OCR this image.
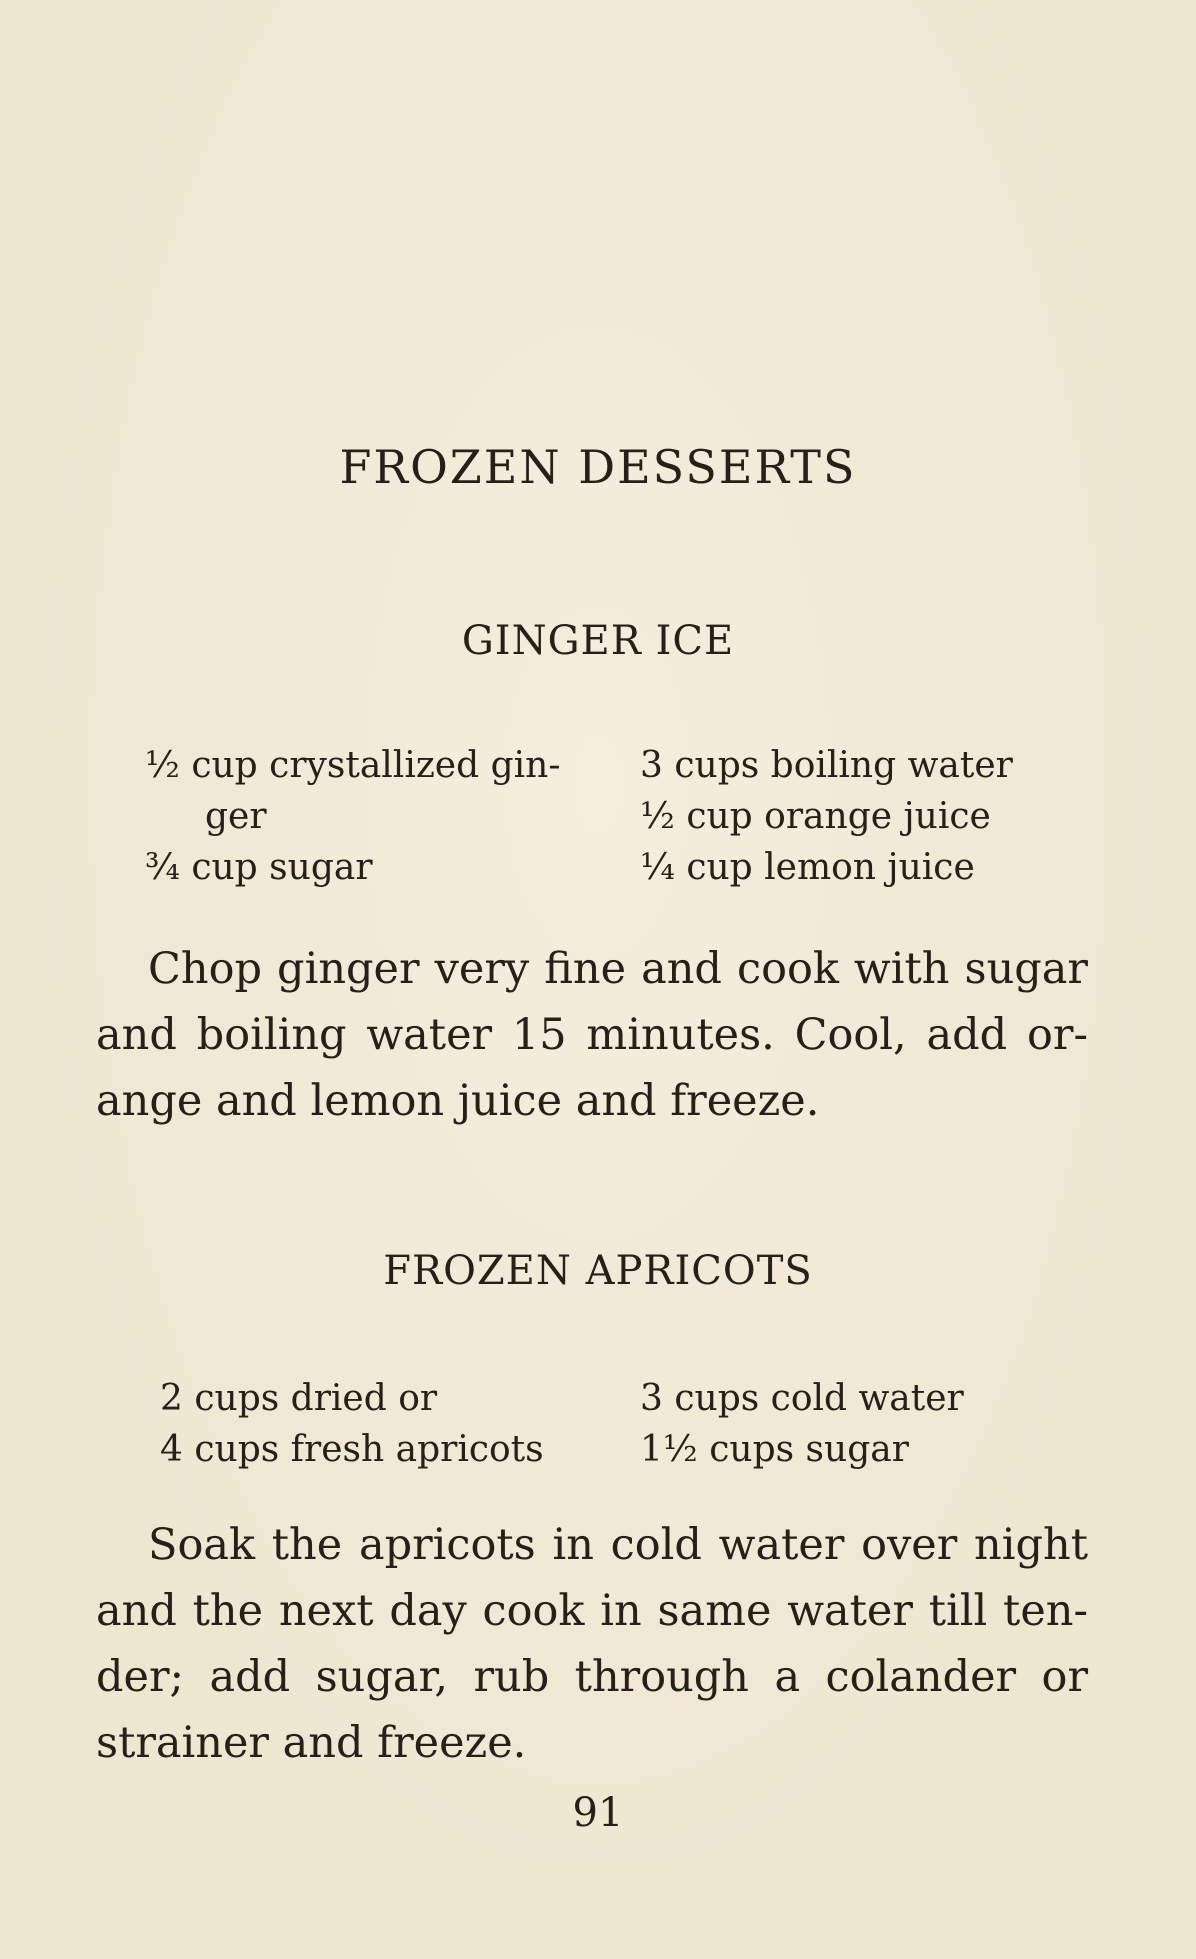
FROZEN DESSERTS
GINGER ICE
½ cup crystallized gin-
ger
¾ cup sugar
3 cups boiling water
½ cup orange juice
¼ cup lemon juice

Chop ginger very fine and cook with sugar
and boiling water 15 minutes. Cool, add or-
ange and lemon juice and freeze.

FROZEN APRICOTS
2 cups dried or
4 cups fresh apricots
3 cups cold water
1½ cups sugar

Soak the apricots in cold water over night
and the next day cook in same water till ten-
der; add sugar, rub through a colander or
strainer and freeze.

91
